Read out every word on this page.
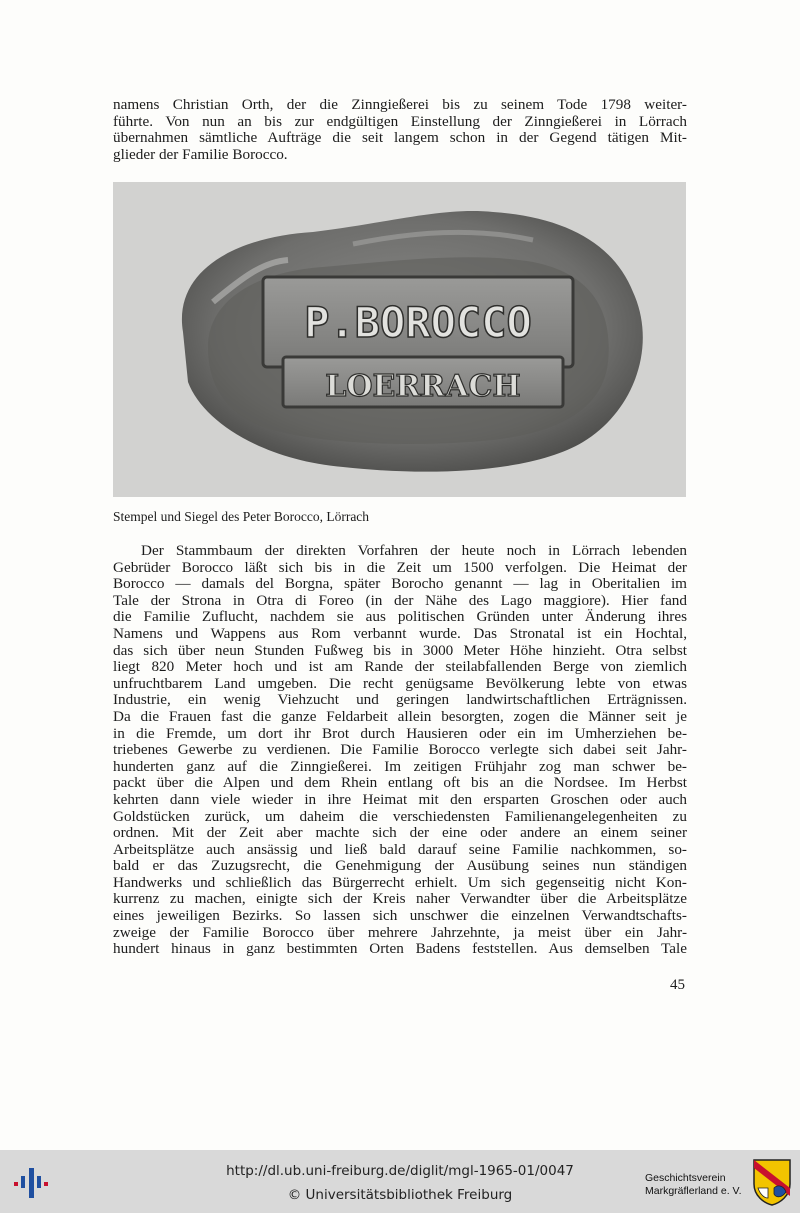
namens Christian Orth, der die Zinngießerei bis zu seinem Tode 1798 weiter-
führte. Von nun an bis zur endgültigen Einstellung der Zinngießerei in Lörrach
übernahmen sämtliche Aufträge die seit langem schon in der Gegend tätigen Mit-
glieder der Familie Borocco.
P.BOROCCO
LOERRACH

Stempel und Siegel des Peter Borocco, Lörrach

Der Stammbaum der direkten Vorfahren der heute noch in Lörrach lebenden
Gebrüder Borocco läßt sich bis in die Zeit um 1500 verfolgen. Die Heimat der
Borocco — damals del Borgna, später Borocho genannt — lag in Oberitalien im
Tale der Strona in Otra di Foreo (in der Nähe des Lago maggiore). Hier fand
die Familie Zuflucht, nachdem sie aus politischen Gründen unter Änderung ihres
Namens und Wappens aus Rom verbannt wurde. Das Stronatal ist ein Hochtal,
das sich über neun Stunden Fußweg bis in 3000 Meter Höhe hinzieht. Otra selbst
liegt 820 Meter hoch und ist am Rande der steilabfallenden Berge von ziemlich
unfruchtbarem Land umgeben. Die recht genügsame Bevölkerung lebte von etwas
Industrie, ein wenig Viehzucht und geringen landwirtschaftlichen Erträgnissen.
Da die Frauen fast die ganze Feldarbeit allein besorgten, zogen die Männer seit je
in die Fremde, um dort ihr Brot durch Hausieren oder ein im Umherziehen be-
triebenes Gewerbe zu verdienen. Die Familie Borocco verlegte sich dabei seit Jahr-
hunderten ganz auf die Zinngießerei. Im zeitigen Frühjahr zog man schwer be-
packt über die Alpen und dem Rhein entlang oft bis an die Nordsee. Im Herbst
kehrten dann viele wieder in ihre Heimat mit den ersparten Groschen oder auch
Goldstücken zurück, um daheim die verschiedensten Familienangelegenheiten zu
ordnen. Mit der Zeit aber machte sich der eine oder andere an einem seiner
Arbeitsplätze auch ansässig und ließ bald darauf seine Familie nachkommen, so-
bald er das Zuzugsrecht, die Genehmigung der Ausübung seines nun ständigen
Handwerks und schließlich das Bürgerrecht erhielt. Um sich gegenseitig nicht Kon-
kurrenz zu machen, einigte sich der Kreis naher Verwandter über die Arbeitsplätze
eines jeweiligen Bezirks. So lassen sich unschwer die einzelnen Verwandtschafts-
zweige der Familie Borocco über mehrere Jahrzehnte, ja meist über ein Jahr-
hundert hinaus in ganz bestimmten Orten Badens feststellen. Aus demselben Tale
45
http://dl.ub.uni-freiburg.de/diglit/mgl-1965-01/0047
© Universitätsbibliothek Freiburg
Geschichtsverein
Markgräflerland e. V.
